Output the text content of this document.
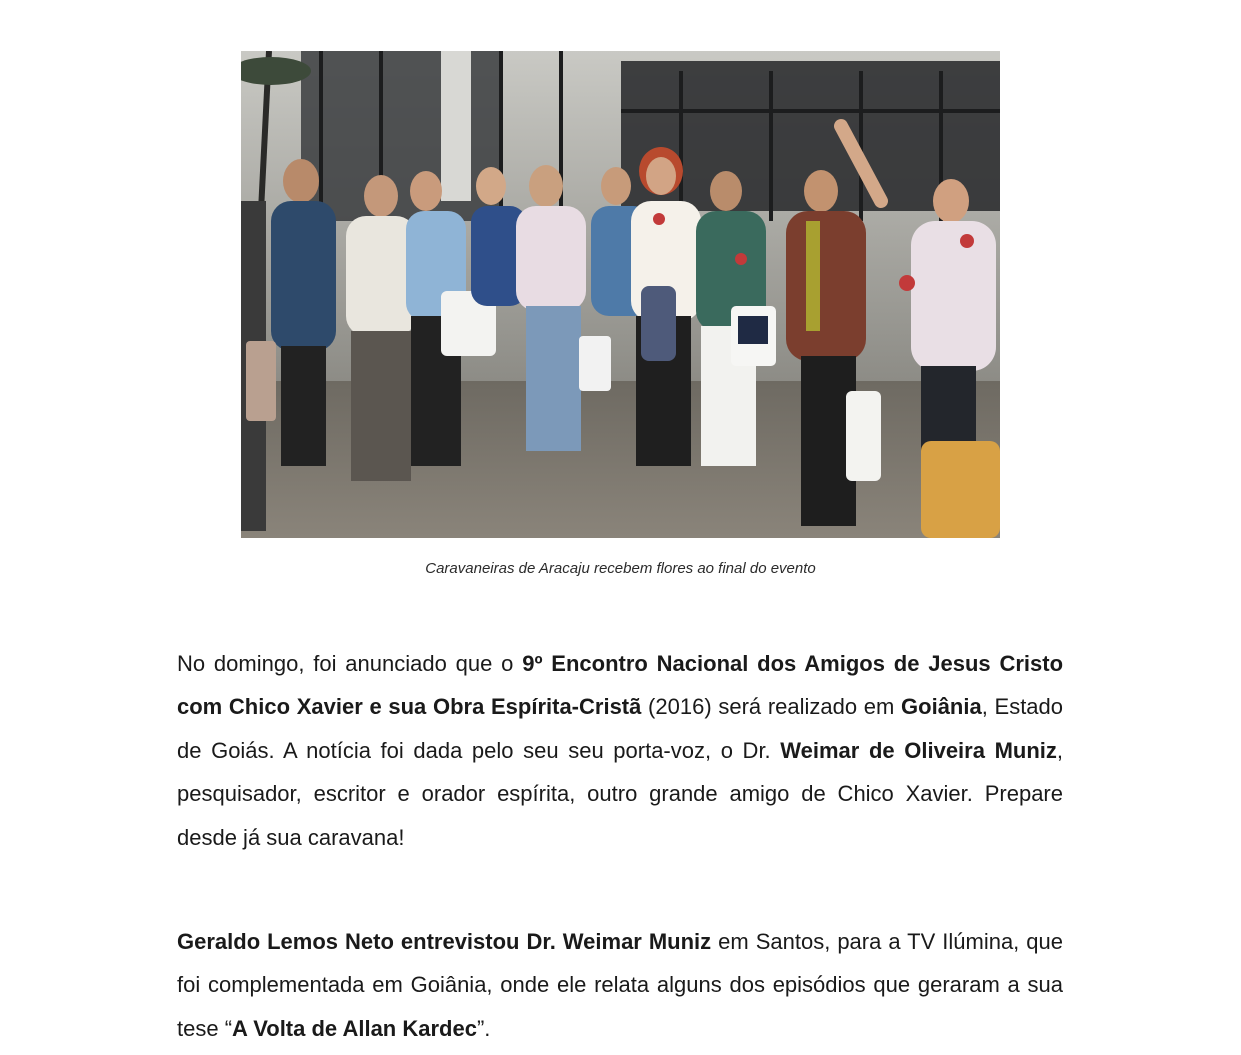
Caravaneiras de Aracaju recebem flores ao final do evento
No domingo, foi anunciado que o 9º Encontro Nacional dos Amigos de Jesus Cristo com Chico Xavier e sua Obra Espírita-Cristã (2016) será realizado em Goiânia, Estado de Goiás. A notícia foi dada pelo seu seu porta-voz, o Dr. Weimar de Oliveira Muniz, pesquisador, escritor e orador espírita, outro grande amigo de Chico Xavier. Prepare desde já sua caravana!
Geraldo Lemos Neto entrevistou Dr. Weimar Muniz em Santos, para a TV Ilúmina, que foi complementada em Goiânia, onde ele relata alguns dos episódios que geraram a sua tese “A Volta de Allan Kardec”.
